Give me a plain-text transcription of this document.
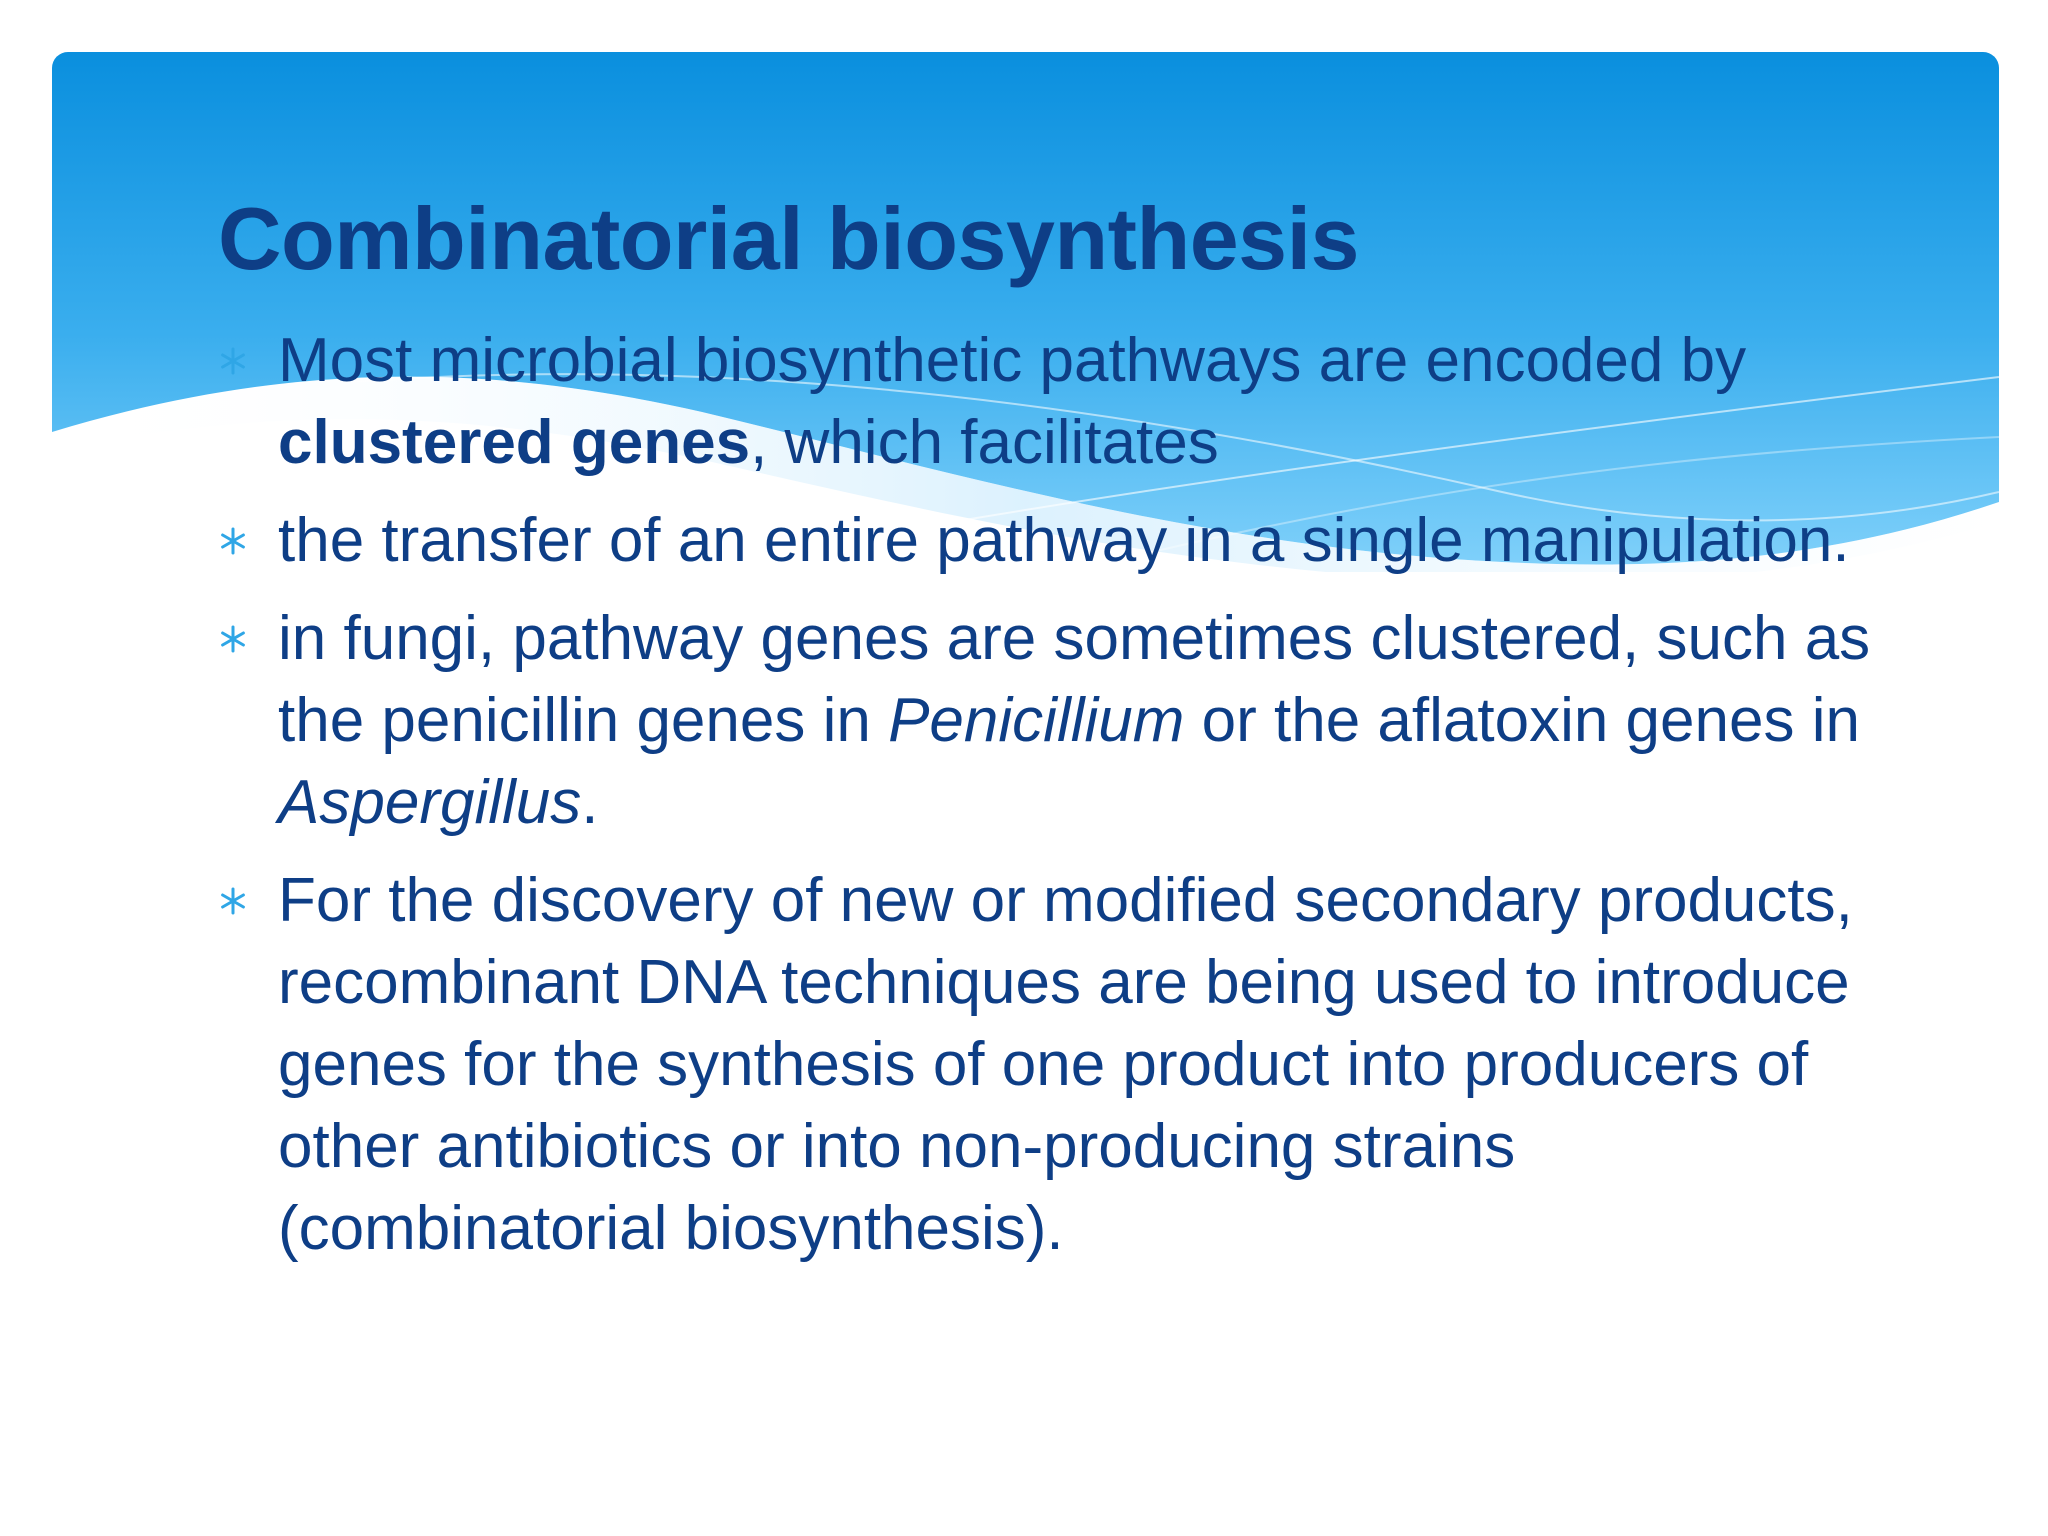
Combinatorial biosynthesis
Most microbial biosynthetic pathways are encoded by clustered genes, which facilitates
the transfer of an entire pathway in a single manipulation.
in fungi, pathway genes are sometimes clustered, such as the penicillin genes in Penicillium or the aflatoxin genes in Aspergillus.
For the discovery of new or modified secondary products, recombinant DNA techniques are being used to introduce genes for the synthesis of one product into producers of other antibiotics or into non-producing strains (combinatorial biosynthesis).
